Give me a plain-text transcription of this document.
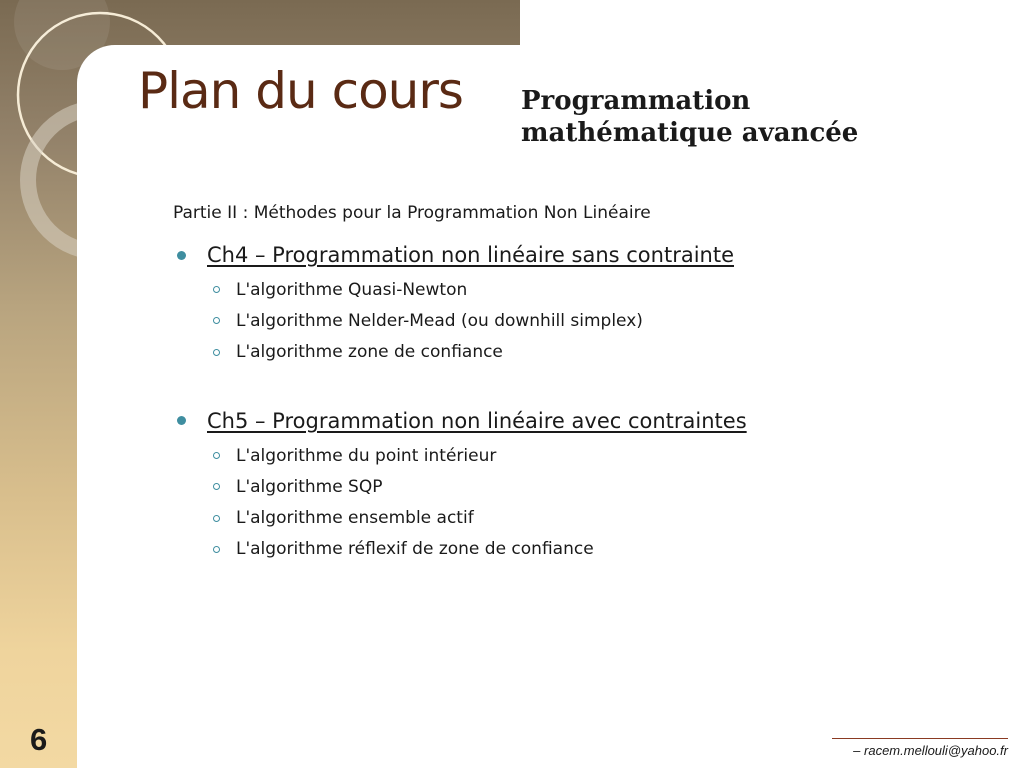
Plan du cours Programmation
mathématique avancée
Partie II : Méthodes pour la Programmation Non Linéaire
Ch4 – Programmation non linéaire sans contrainte
L'algorithme Quasi-Newton
L'algorithme Nelder-Mead (ou downhill simplex)
L'algorithme zone de confiance
Ch5 – Programmation non linéaire avec contraintes
L'algorithme du point intérieur
L'algorithme SQP
L'algorithme ensemble actif
L'algorithme réflexif de zone de confiance
6	– racem.mellouli@yahoo.fr
